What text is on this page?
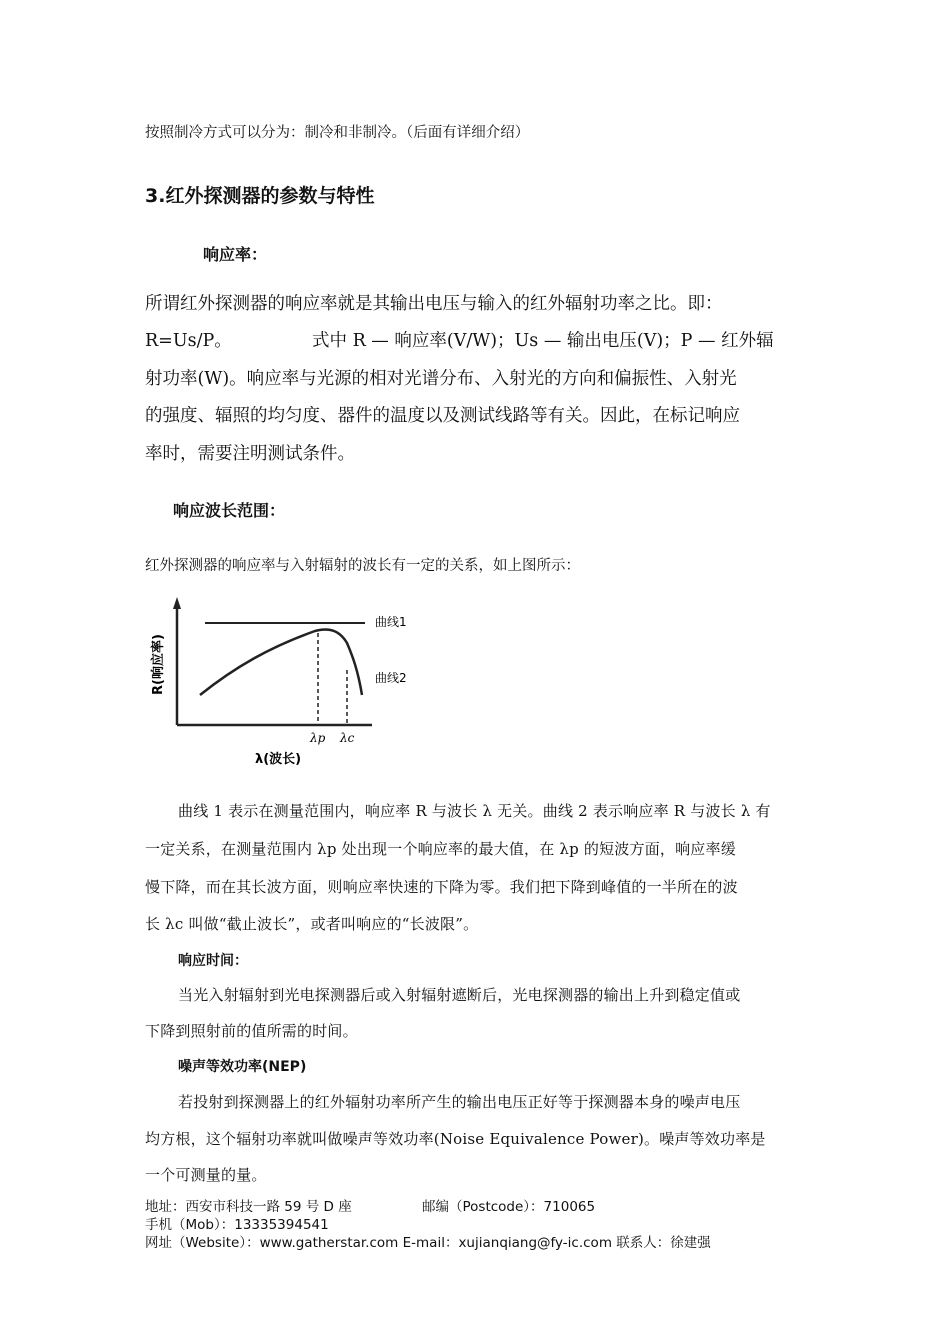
按照制冷方式可以分为：制冷和非制冷。（后面有详细介绍）
3.红外探测器的参数与特性
响应率：
所谓红外探测器的响应率就是其输出电压与输入的红外辐射功率之比。即：
R=Us/P。	式中 R — 响应率(V/W)；Us — 输出电压(V)；P — 红外辐
射功率(W)。响应率与光源的相对光谱分布、入射光的方向和偏振性、入射光
的强度、辐照的均匀度、器件的温度以及测试线路等有关。因此，在标记响应
率时，需要注明测试条件。
响应波长范围：
红外探测器的响应率与入射辐射的波长有一定的关系，如上图所示：
曲线1
曲线2
λp λc
λ(波长)
R(响应率)
曲线 1 表示在测量范围内，响应率 R 与波长 λ 无关。曲线 2 表示响应率 R 与波长 λ 有
一定关系，在测量范围内 λp 处出现一个响应率的最大值，在 λp 的短波方面，响应率缓
慢下降，而在其长波方面，则响应率快速的下降为零。我们把下降到峰值的一半所在的波
长 λc 叫做“截止波长”，或者叫响应的“长波限”。
响应时间：
当光入射辐射到光电探测器后或入射辐射遮断后，光电探测器的输出上升到稳定值或
下降到照射前的值所需的时间。
噪声等效功率(NEP)
若投射到探测器上的红外辐射功率所产生的输出电压正好等于探测器本身的噪声电压
均方根，这个辐射功率就叫做噪声等效功率(Noise Equivalence Power)。噪声等效功率是
一个可测量的量。
地址：西安市科技一路 59 号 D 座	邮编（Postcode）：710065
手机（Mob）：13335394541
网址（Website）：www.gatherstar.com E-mail：xujianqiang@fy-ic.com 联系人：徐建强
